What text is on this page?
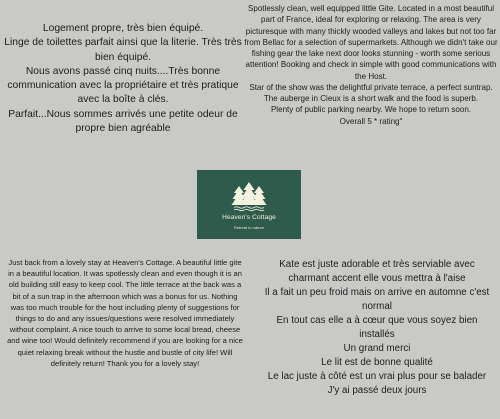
Logement propre, très bien équipé.

Linge de toilettes parfait ainsi que la literie. Très très bien équipé.

Nous avons passé cinq nuits....Très bonne communication avec la propriétaire et très pratique avec la boîte à clés.

Parfait...Nous sommes arrivés une petite odeur de propre bien agréable

Spotlessly clean, well equipped little Gite. Located in a most beautiful part of France, ideal for exploring or relaxing. The area is very picturesque with many thickly wooded valleys and lakes but not too far from Bellac for a selection of supermarkets. Although we didn't take our fishing gear the lake next door looks stunning - worth some serious attention! Booking and check in simple with good communications with the Host.

Star of the show was the delightful private terrace, a perfect suntrap.

The auberge in Cieux is a short walk and the food is superb.

Plenty of public parking nearby. We hope to return soon.

Overall 5 * rating"

Heaven's Cottage
Retreat to nature

Just back from a lovely stay at Heaven's Cottage. A beautiful little gite in a beautiful location. It was spotlessly clean and even though it is an old building still easy to keep cool. The little terrace at the back was a bit of a sun trap in the afternoon which was a bonus for us. Nothing was too much trouble for the host including plenty of suggestions for things to do and any issues/questions were resolved immediately without complaint. A nice touch to arrive to some local bread, cheese and wine too! Would definitely recommend if you are looking for a nice quiet relaxing break without the hustle and bustle of city life! Will definitely return! Thank you for a lovely stay!

Kate est juste adorable et très serviable avec charmant accent elle vous mettra à l'aise

Il a fait un peu froid mais on arrive en automne c'est normal

En tout cas elle a à cœur que vous soyez bien installés

Un grand merci

Le lit est de bonne qualité

Le lac juste à côté est un vrai plus pour se balader

J'y ai passé deux jours
